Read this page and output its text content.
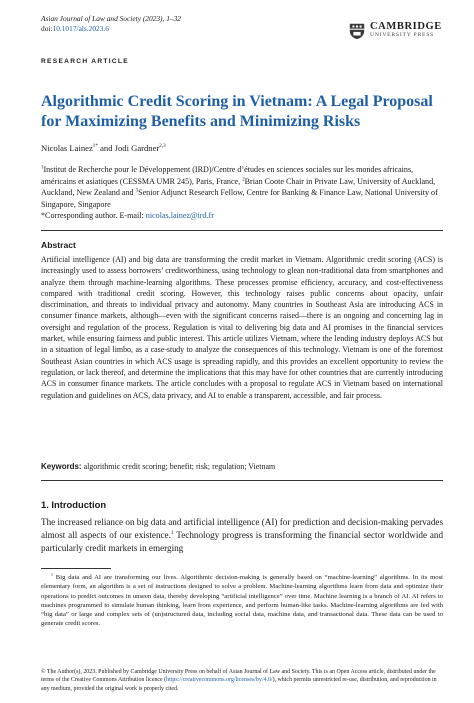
Asian Journal of Law and Society (2023), 1–32
doi:10.1017/als.2023.6	CAMBRIDGE
UNIVERSITY PRESS
RESEARCH ARTICLE
Algorithmic Credit Scoring in Vietnam: A Legal Proposal for Maximizing Benefits and Minimizing Risks
Nicolas Lainez$^{1*}$ and Jodi Gardner$^{2,3}$
$^1$Institut de Recherche pour le Développement (IRD)/Centre d’études en sciences sociales sur les mondes africains, américains et asiatiques (CESSMA UMR 245), Paris, France, $^2$Brian Coote Chair in Private Law, University of Auckland, Auckland, New Zealand and $^3$Senior Adjunct Research Fellow, Centre for Banking & Finance Law, National University of Singapore, Singapore
*Corresponding author. E-mail: nicolas.lainez@ird.fr
Abstract
Artificial intelligence (AI) and big data are transforming the credit market in Vietnam. Algorithmic credit scoring (ACS) is increasingly used to assess borrowers’ creditworthiness, using technology to glean non-traditional data from smartphones and analyze them through machine-learning algorithms. These processes promise efficiency, accuracy, and cost-effectiveness compared with traditional credit scoring. However, this technology raises public concerns about opacity, unfair discrimination, and threats to individual privacy and autonomy. Many countries in Southeast Asia are introducing ACS in consumer finance markets, although—even with the significant concerns raised—there is an ongoing and concerning lag in oversight and regulation of the process. Regulation is vital to delivering big data and AI promises in the financial services market, while ensuring fairness and public interest. This article utilizes Vietnam, where the lending industry deploys ACS but in a situation of legal limbo, as a case-study to analyze the consequences of this technology. Vietnam is one of the foremost Southeast Asian countries in which ACS usage is spreading rapidly, and this provides an excellent opportunity to review the regulation, or lack thereof, and determine the implications that this may have for other countries that are currently introducing ACS in consumer finance markets. The article concludes with a proposal to regulate ACS in Vietnam based on international regulation and guidelines on ACS, data privacy, and AI to enable a transparent, accessible, and fair process.
Keywords: algorithmic credit scoring; benefit; risk; regulation; Vietnam
1. Introduction
The increased reliance on big data and artificial intelligence (AI) for prediction and decision-making pervades almost all aspects of our existence.$^1$ Technology progress is transforming the financial sector worldwide and particularly credit markets in emerging
$^1$ Big data and AI are transforming our lives. Algorithmic decision-making is generally based on “machine-learning” algorithms. In its most elementary form, an algorithm is a set of instructions designed to solve a problem. Machine-learning algorithms learn from data and optimize their operations to predict outcomes in unseen data, thereby developing “artificial intelligence” over time. Machine learning is a branch of AI. AI refers to machines programmed to simulate human thinking, learn from experience, and perform human-like tasks. Machine-learning algorithms are fed with “big data” or large and complex sets of (un)structured data, including social data, machine data, and transactional data. These data can be used to generate credit scores.
© The Author(s), 2023. Published by Cambridge University Press on behalf of Asian Journal of Law and Society. This is an Open Access article, distributed under the terms of the Creative Commons Attribution licence (https://creativecommons.org/licenses/by/4.0/), which permits unrestricted re-use, distribution, and reproduction in any medium, provided the original work is properly cited.
